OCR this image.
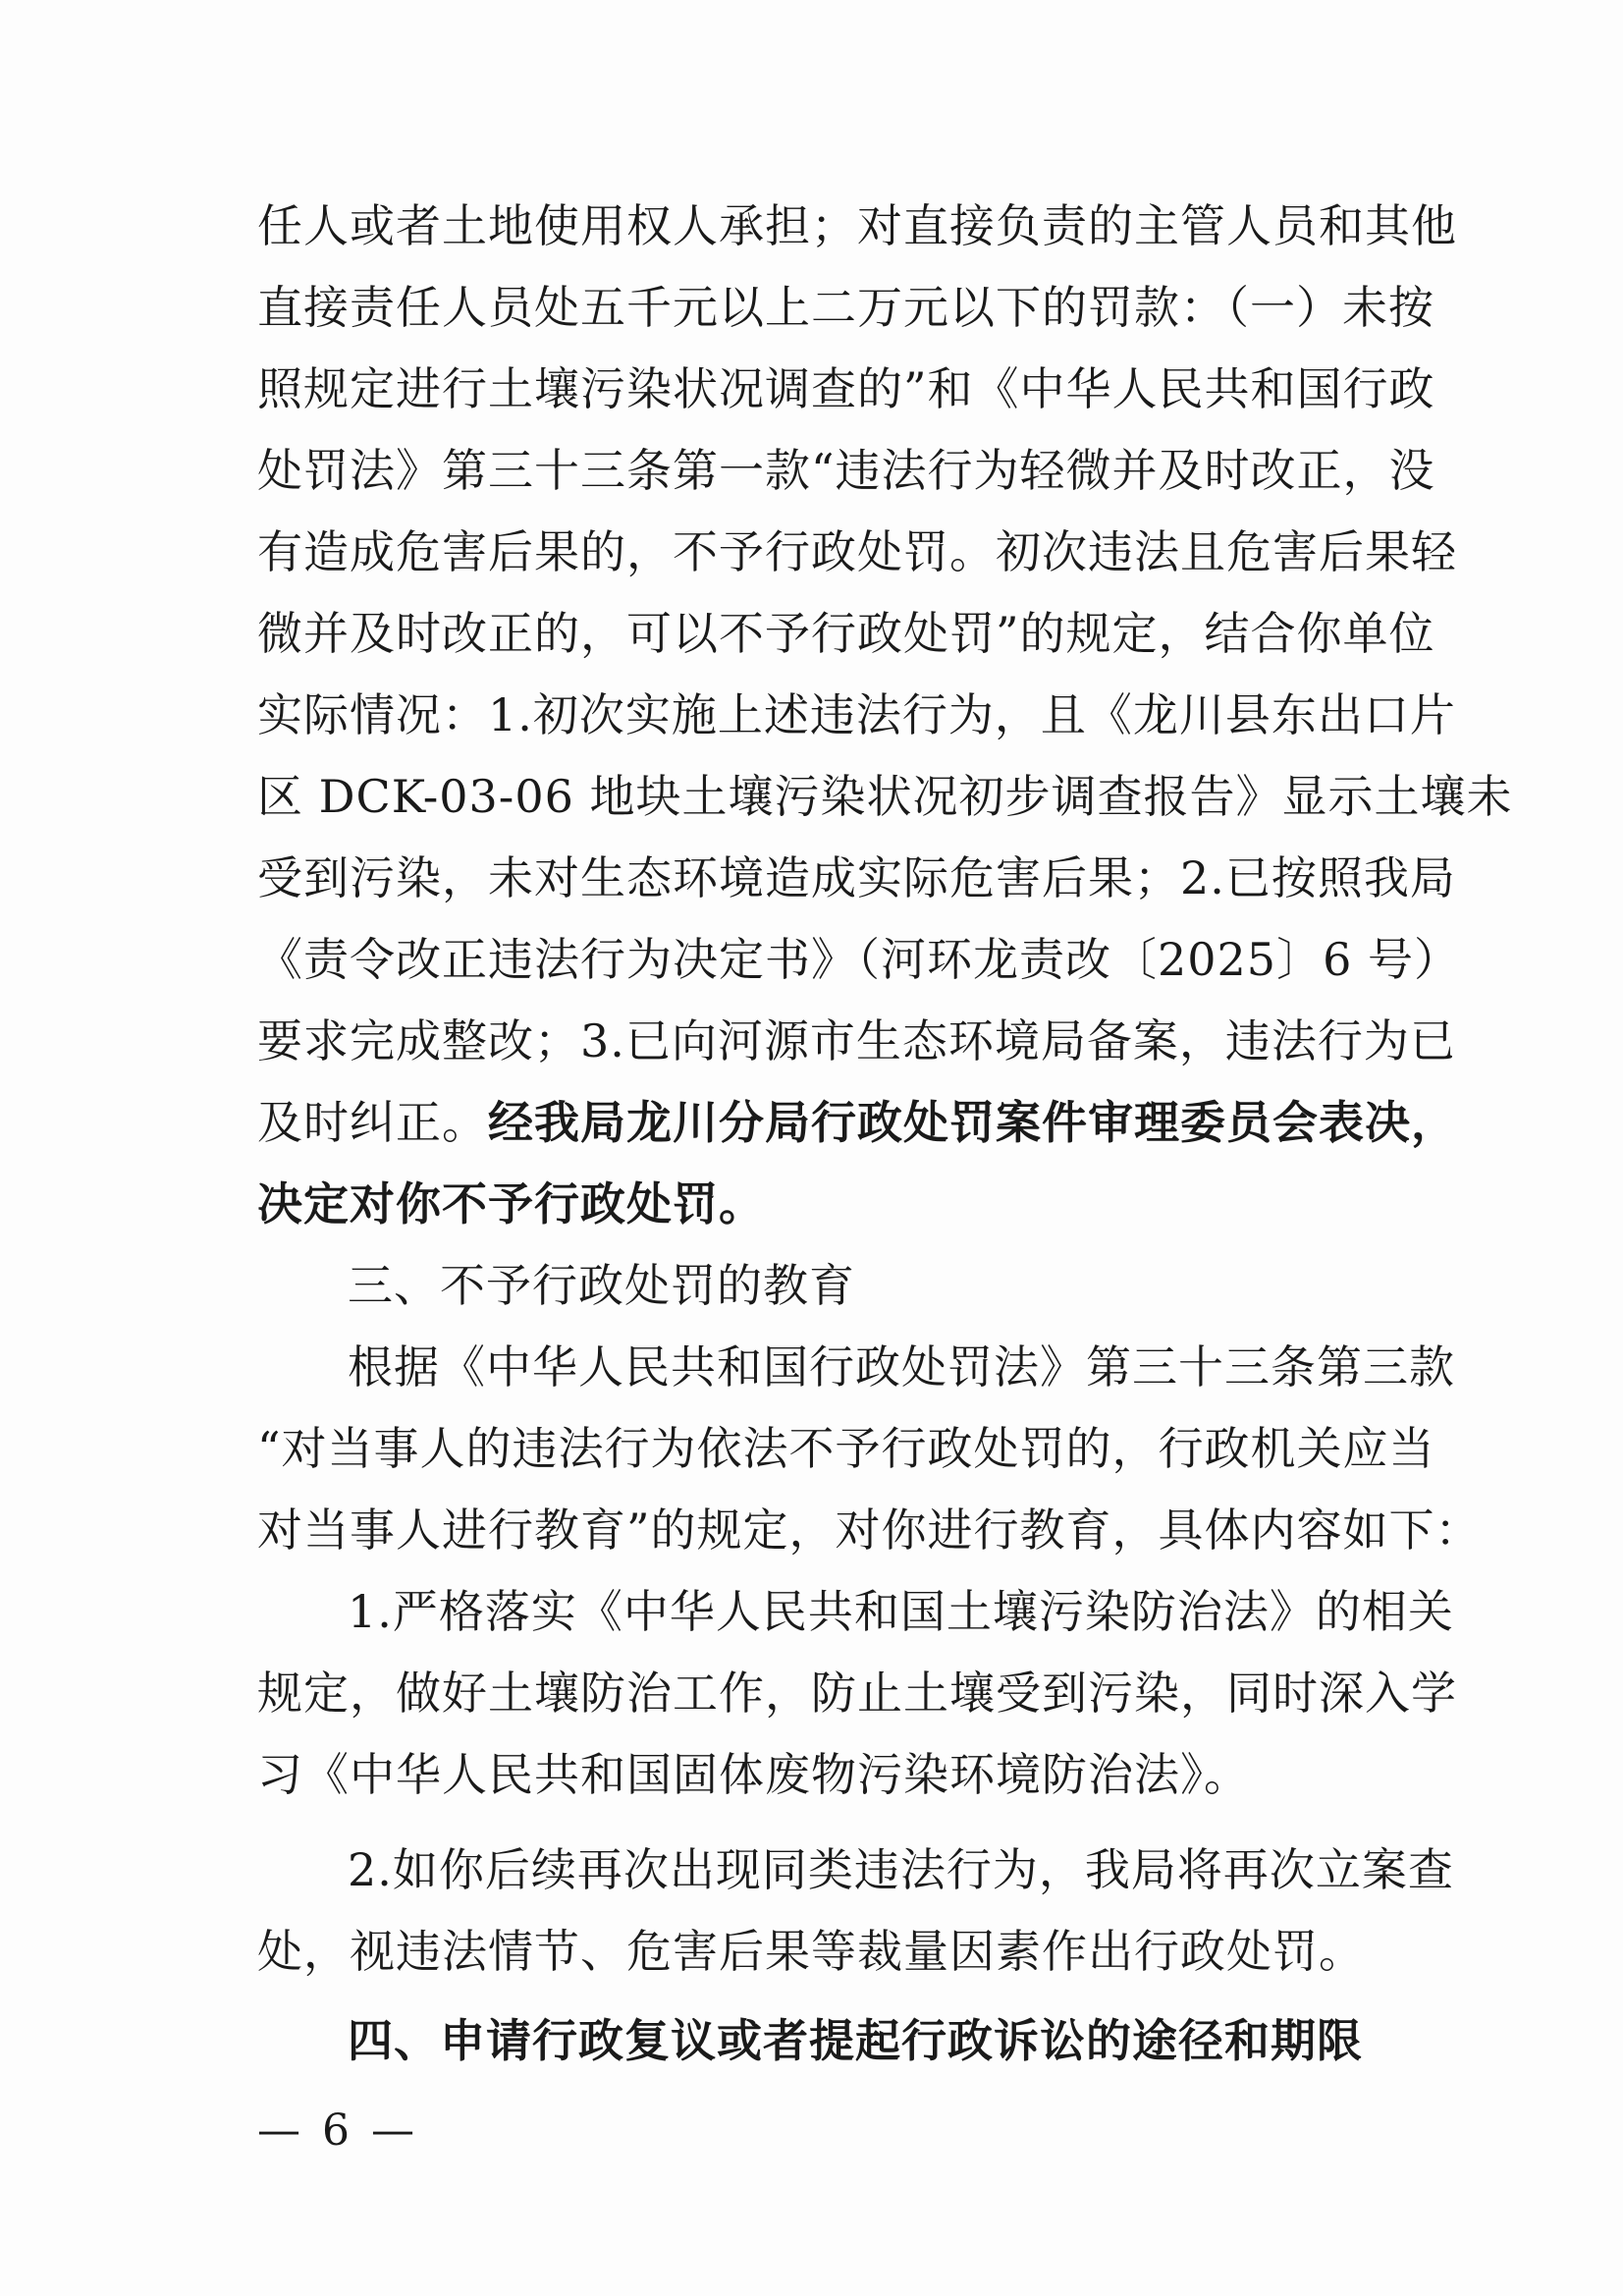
任人或者土地使用权人承担；对直接负责的主管人员和其他
直接责任人员处五千元以上二万元以下的罚款：（一）未按
照规定进行土壤污染状况调查的”和《中华人民共和国行政
处罚法》第三十三条第一款“违法行为轻微并及时改正，没
有造成危害后果的，不予行政处罚。初次违法且危害后果轻
微并及时改正的，可以不予行政处罚”的规定，结合你单位
实际情况：1.初次实施上述违法行为，且《龙川县东出口片
区 DCK-03-06 地块土壤污染状况初步调查报告》显示土壤未
受到污染，未对生态环境造成实际危害后果；2.已按照我局
《责令改正违法行为决定书》（河环龙责改〔2025〕6 号）
要求完成整改；3.已向河源市生态环境局备案，违法行为已
及时纠正。经我局龙川分局行政处罚案件审理委员会表决，
决定对你不予行政处罚。
三、不予行政处罚的教育
根据《中华人民共和国行政处罚法》第三十三条第三款
“对当事人的违法行为依法不予行政处罚的，行政机关应当
对当事人进行教育”的规定，对你进行教育，具体内容如下：
1.严格落实《中华人民共和国土壤污染防治法》的相关
规定，做好土壤防治工作，防止土壤受到污染，同时深入学
习《中华人民共和国固体废物污染环境防治法》。
2.如你后续再次出现同类违法行为，我局将再次立案查
处，视违法情节、危害后果等裁量因素作出行政处罚。
四、申请行政复议或者提起行政诉讼的途径和期限
— 6 —
